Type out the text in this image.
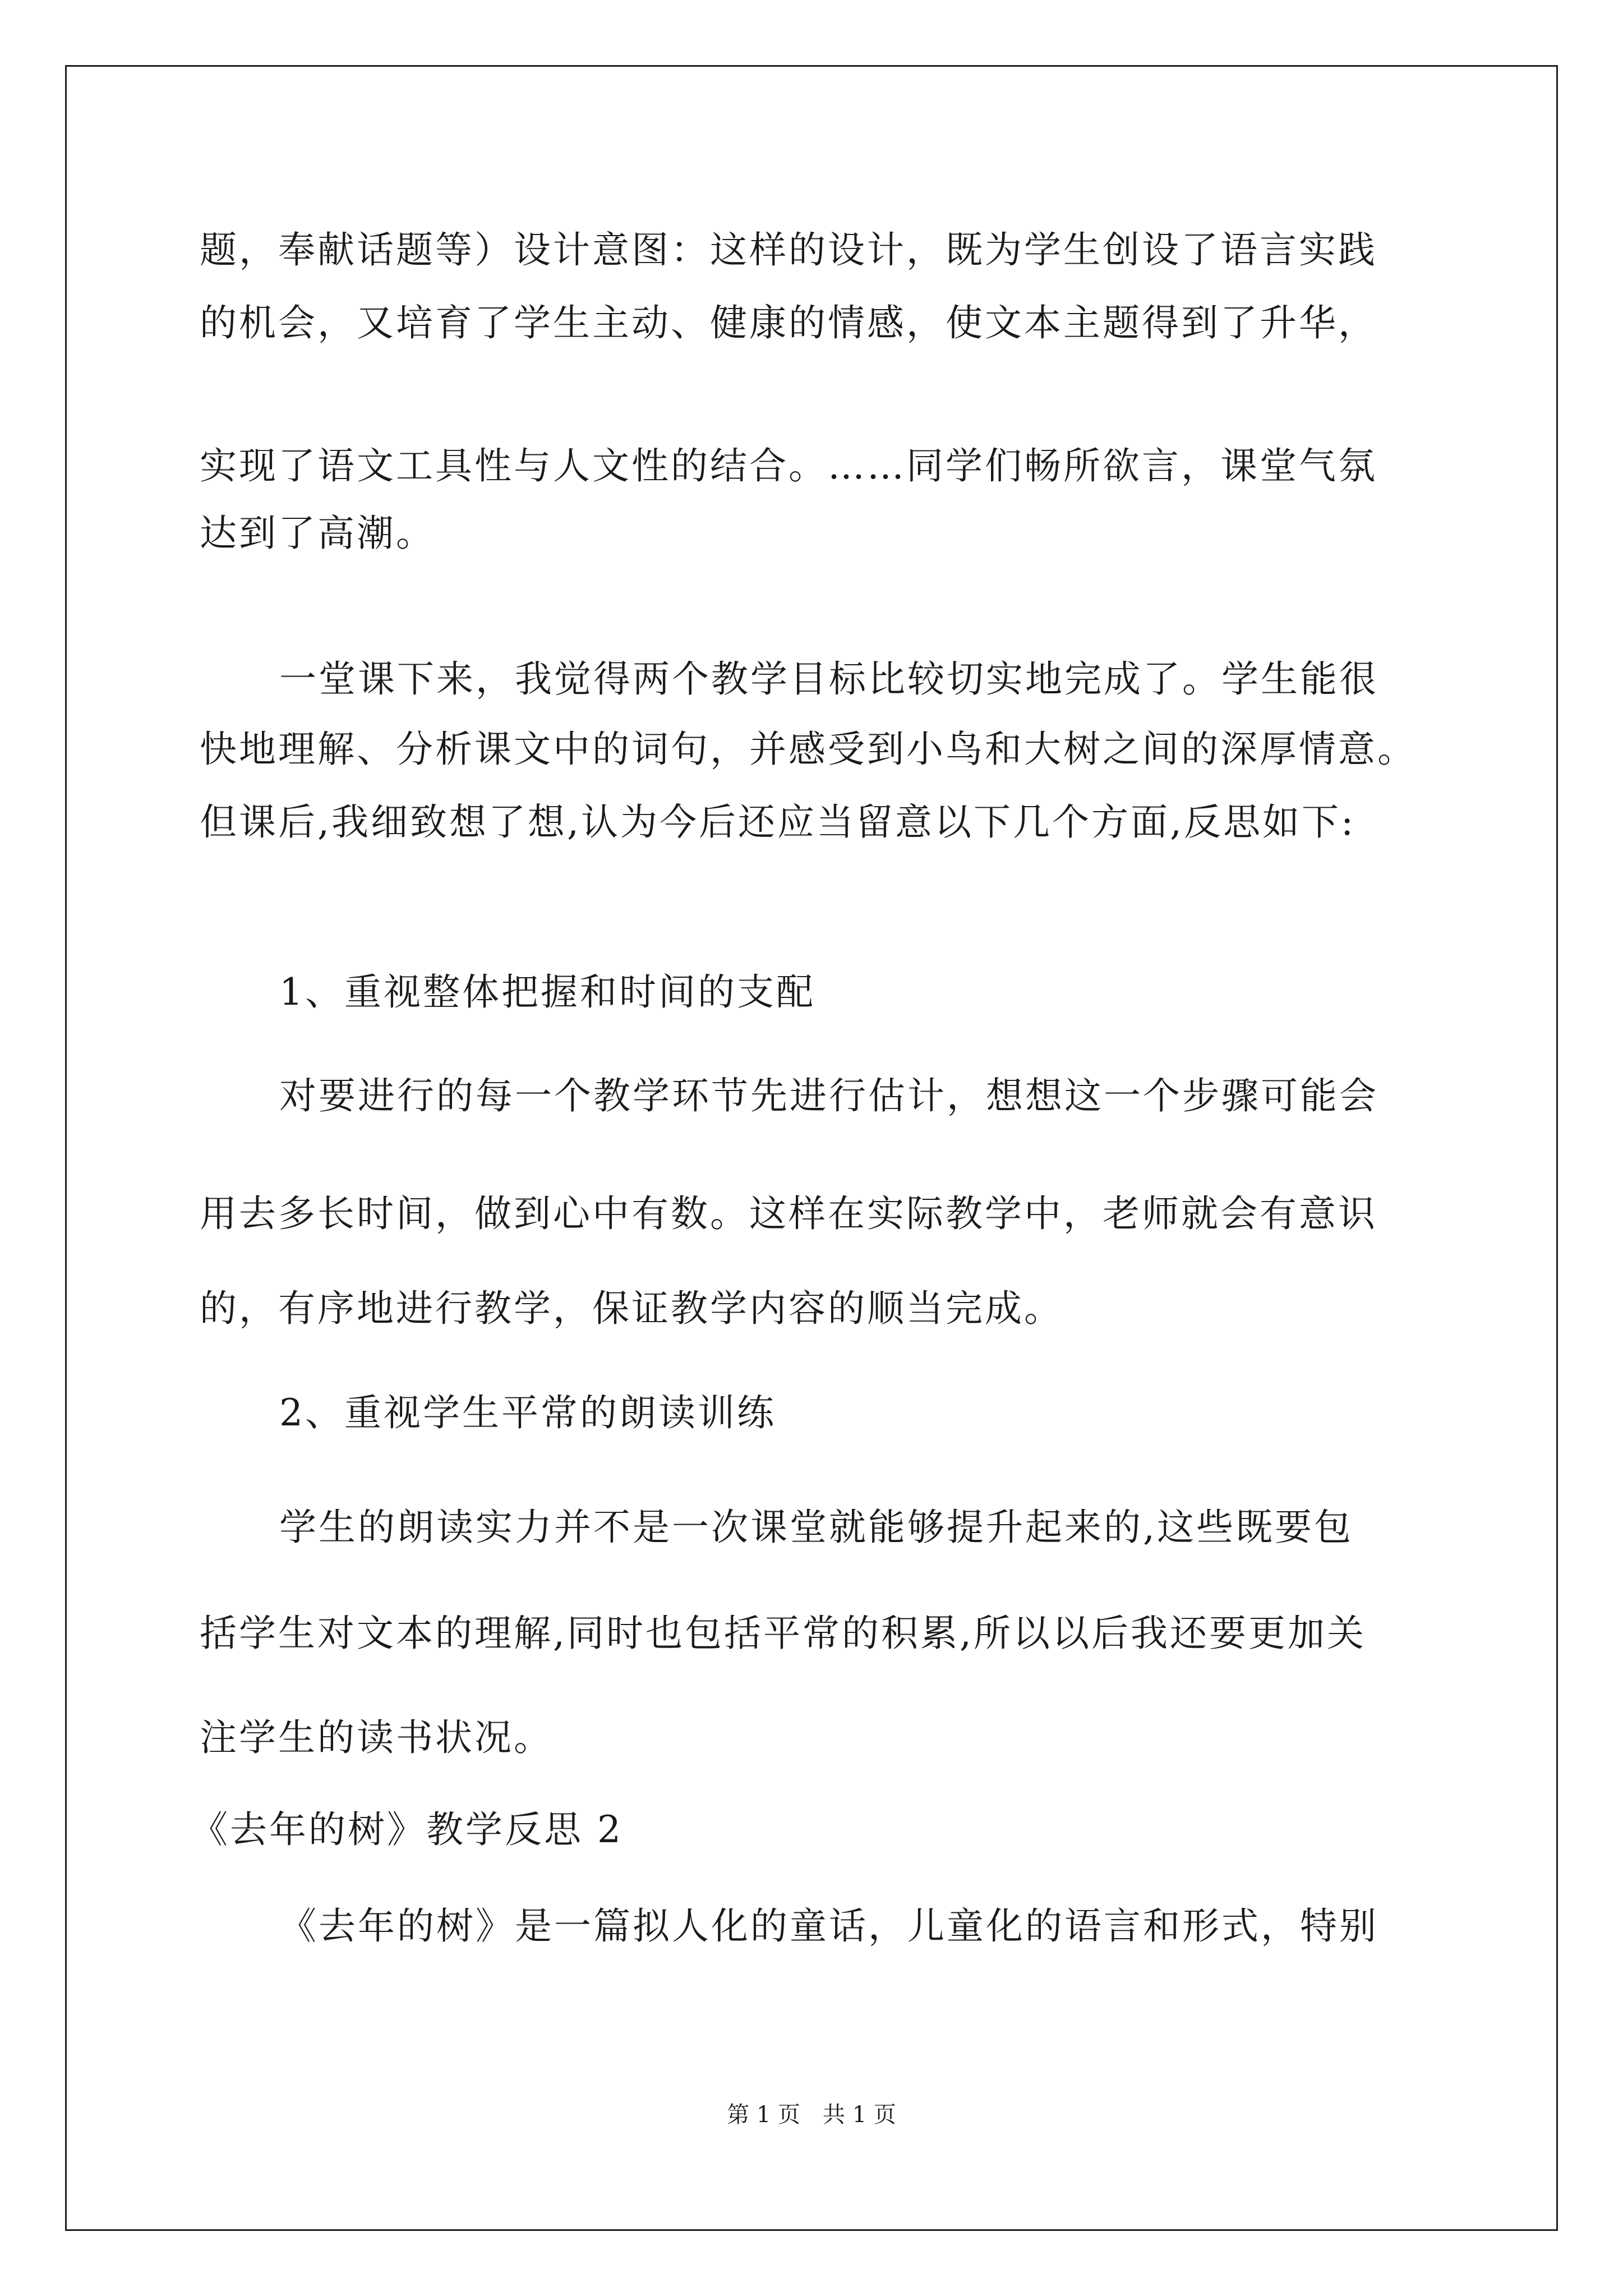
题，奉献话题等）设计意图：这样的设计，既为学生创设了语言实践
的机会，又培育了学生主动、健康的情感，使文本主题得到了升华，
实现了语文工具性与人文性的结合。……同学们畅所欲言，课堂气氛
达到了高潮。
一堂课下来，我觉得两个教学目标比较切实地完成了。学生能很
快地理解、分析课文中的词句，并感受到小鸟和大树之间的深厚情意。
但课后,我细致想了想,认为今后还应当留意以下几个方面,反思如下:
1、重视整体把握和时间的支配
对要进行的每一个教学环节先进行估计，想想这一个步骤可能会
用去多长时间，做到心中有数。这样在实际教学中，老师就会有意识
的，有序地进行教学，保证教学内容的顺当完成。
2、重视学生平常的朗读训练
学生的朗读实力并不是一次课堂就能够提升起来的,这些既要包
括学生对文本的理解,同时也包括平常的积累,所以以后我还要更加关
注学生的读书状况。
《去年的树》教学反思 2
《去年的树》是一篇拟人化的童话，儿童化的语言和形式，特别
第 1 页　共 1 页
